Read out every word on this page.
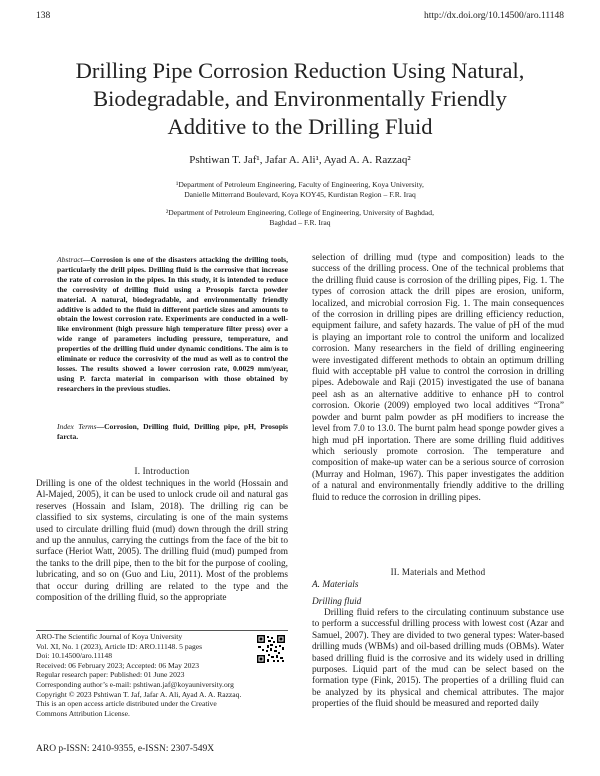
138	http://dx.doi.org/10.14500/aro.11148
Drilling Pipe Corrosion Reduction Using Natural,
Biodegradable, and Environmentally Friendly
Additive to the Drilling Fluid
Pshtiwan T. Jaf¹, Jafar A. Ali¹, Ayad A. A. Razzaq²
¹Department of Petroleum Engineering, Faculty of Engineering, Koya University,
Danielle Mitterrand Boulevard, Koya KOY45, Kurdistan Region – F.R. Iraq
²Department of Petroleum Engineering, College of Engineering, University of Baghdad,
Baghdad – F.R. Iraq
Abstract—Corrosion is one of the disasters attacking the drilling tools, particularly the drill pipes. Drilling fluid is the corrosive that increase the rate of corrosion in the pipes. In this study, it is intended to reduce the corrosivity of drilling fluid using a Prosopis farcta powder material. A natural, biodegradable, and environmentally friendly additive is added to the fluid in different particle sizes and amounts to obtain the lowest corrosion rate. Experiments are conducted in a well-like environment (high pressure high temperature filter press) over a wide range of parameters including pressure, temperature, and properties of the drilling fluid under dynamic conditions. The aim is to eliminate or reduce the corrosivity of the mud as well as to control the losses. The results showed a lower corrosion rate, 0.0029 mm/year, using P. farcta material in comparison with those obtained by researchers in the previous studies.
Index Terms—Corrosion, Drilling fluid, Drilling pipe, pH, Prosopis farcta.
I. Introduction

Drilling is one of the oldest techniques in the world (Hossain and Al-Majed, 2005), it can be used to unlock crude oil and natural gas reserves (Hossain and Islam, 2018). The drilling rig can be classified to six systems, circulating is one of the main systems used to circulate drilling fluid (mud) down through the drill string and up the annulus, carrying the cuttings from the face of the bit to surface (Heriot Watt, 2005). The drilling fluid (mud) pumped from the tanks to the drill pipe, then to the bit for the purpose of cooling, lubricating, and so on (Guo and Liu, 2011). Most of the problems that occur during drilling are related to the type and the composition of the drilling fluid, so the appropriate

selection of drilling mud (type and composition) leads to the success of the drilling process. One of the technical problems that the drilling fluid cause is corrosion of the drilling pipes, Fig. 1. The types of corrosion attack the drill pipes are erosion, uniform, localized, and microbial corrosion Fig. 1. The main consequences of the corrosion in drilling pipes are drilling efficiency reduction, equipment failure, and safety hazards. The value of pH of the mud is playing an important role to control the uniform and localized corrosion. Many researchers in the field of drilling engineering were investigated different methods to obtain an optimum drilling fluid with acceptable pH value to control the corrosion in drilling pipes. Adebowale and Raji (2015) investigated the use of banana peel ash as an alternative additive to enhance pH to control corrosion. Okorie (2009) employed two local additives “Trona” powder and burnt palm powder as pH modifiers to increase the level from 7.0 to 13.0. The burnt palm head sponge powder gives a high mud pH inportation. There are some drilling fluid additives which seriously promote corrosion. The temperature and composition of make-up water can be a serious source of corrosion (Murray and Holman, 1967). This paper investigates the addition of a natural and environmentally friendly additive to the drilling fluid to reduce the corrosion in drilling pipes.

II. Materials and Method
A. Materials
Drilling fluid

Drilling fluid refers to the circulating continuum substance use to perform a successful drilling process with lowest cost (Azar and Samuel, 2007). They are divided to two general types: Water-based drilling muds (WBMs) and oil-based drilling muds (OBMs). Water based drilling fluid is the corrosive and its widely used in drilling purposes. Liquid part of the mud can be select based on the formation type (Fink, 2015). The properties of a drilling fluid can be analyzed by its physical and chemical attributes. The major properties of the fluid should be measured and reported daily

ARO-The Scientific Journal of Koya University
Vol. XI, No. 1 (2023), Article ID: ARO.11148. 5 pages
Doi: 10.14500/aro.11148
Received: 06 February 2023; Accepted: 06 May 2023
Regular research paper: Published: 01 June 2023
Corresponding author’s e-mail: pshtiwan.jaf@koyauniversity.org
Copyright © 2023 Pshtiwan T. Jaf, Jafar A. Ali, Ayad A. A. Razzaq.
This is an open access article distributed under the Creative
Commons Attribution License.
ARO p-ISSN: 2410-9355, e-ISSN: 2307-549X
